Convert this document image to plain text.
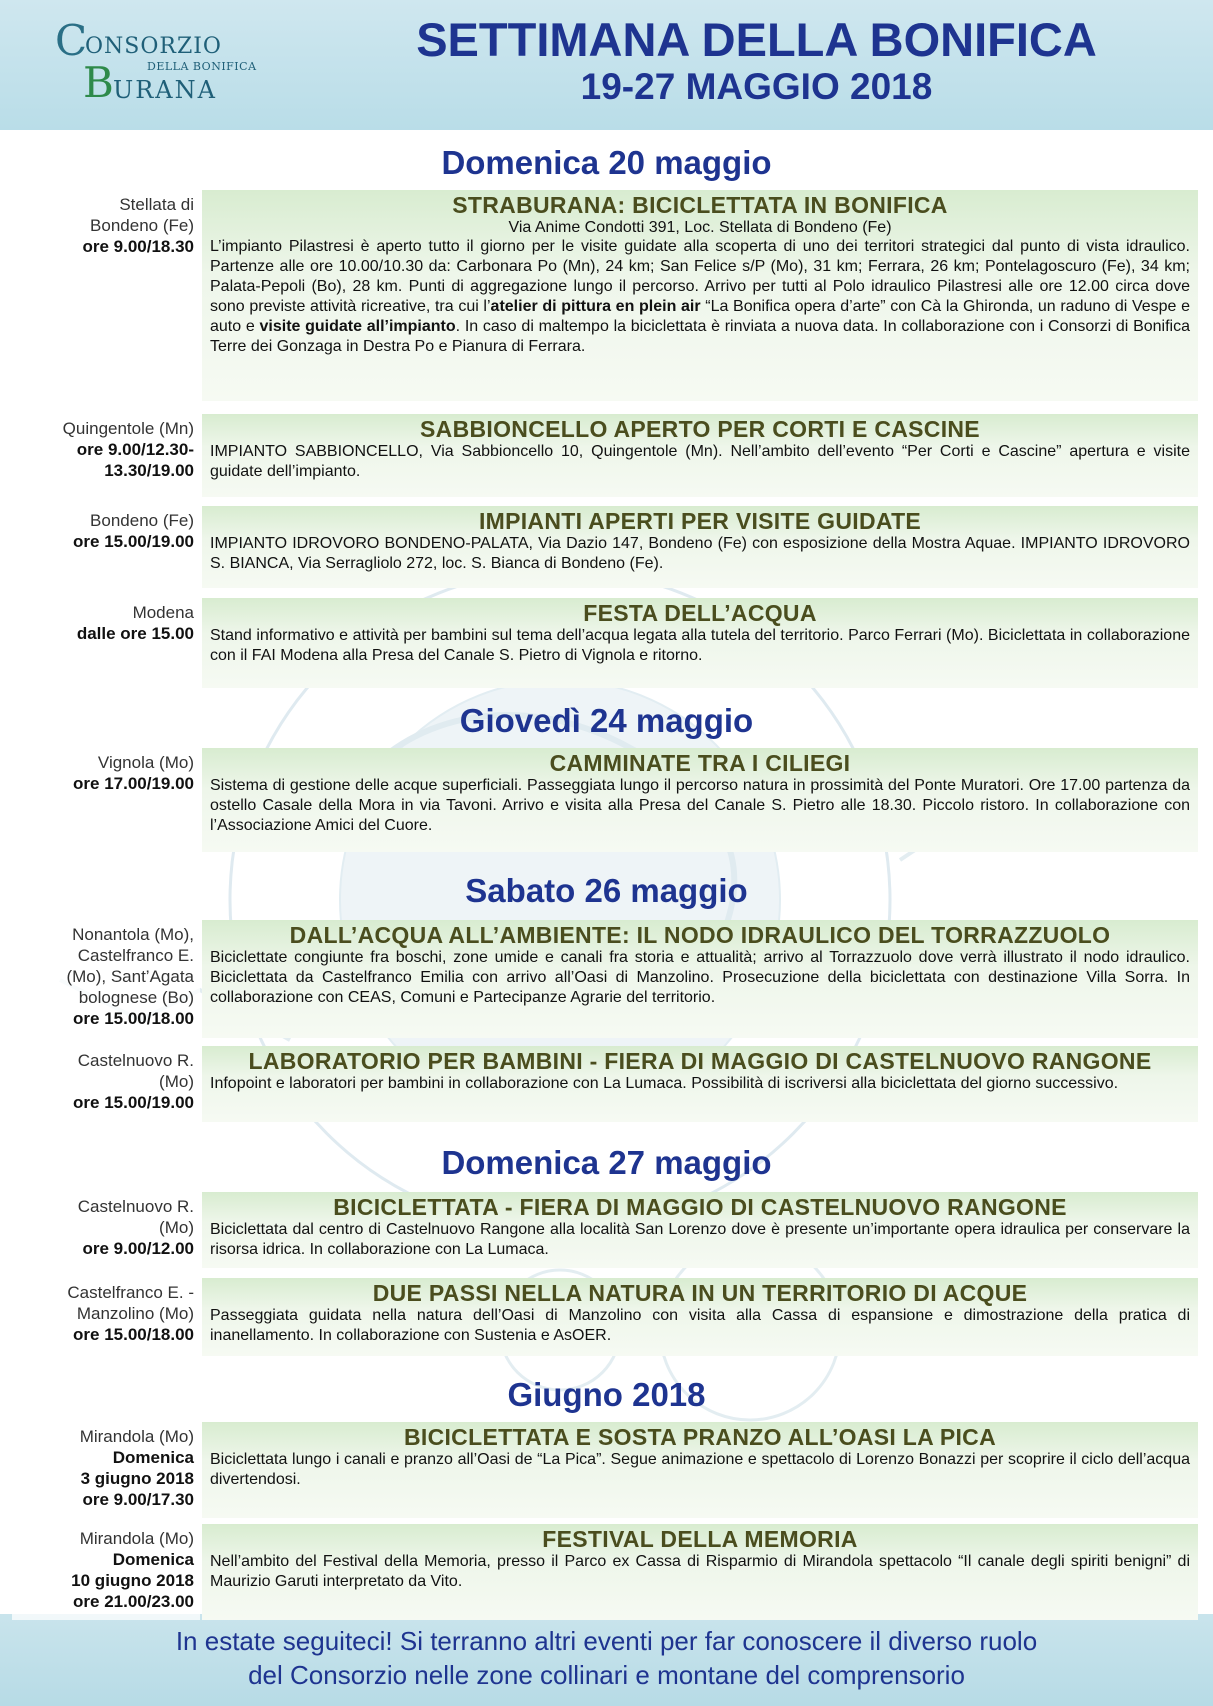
C
ONSORZIO
DELLA BONIFICA
B URANA
SETTIMANA DELLA BONIFICA
19-27 MAGGIO 2018
Domenica 20 maggio
Stellata di
Bondeno (Fe)
ore 9.00/18.30
STRABURANA: BICICLETTATA IN BONIFICA
Via Anime Condotti 391, Loc. Stellata di Bondeno (Fe)
L’impianto Pilastresi è aperto tutto il giorno per le visite guidate alla scoperta di uno dei territori strategici dal punto di vista idraulico. Partenze alle ore 10.00/10.30 da: Carbonara Po (Mn), 24 km; San Felice s/P (Mo), 31 km; Ferrara, 26 km; Pontelagoscuro (Fe), 34 km; Palata-Pepoli (Bo), 28 km. Punti di aggregazione lungo il percorso. Arrivo per tutti al Polo idraulico Pilastresi alle ore 12.00 circa dove sono previste attività ricreative, tra cui l’atelier di pittura en plein air “La Bonifica opera d’arte” con Cà la Ghironda, un raduno di Vespe e auto e visite guidate all’impianto. In caso di maltempo la biciclettata è rinviata a nuova data. In collaborazione con i Consorzi di Bonifica Terre dei Gonzaga in Destra Po e Pianura di Ferrara.
Quingentole (Mn)
ore 9.00/12.30-
13.30/19.00
SABBIONCELLO APERTO PER CORTI E CASCINE
IMPIANTO SABBIONCELLO, Via Sabbioncello 10, Quingentole (Mn). Nell’ambito dell’evento “Per Corti e Cascine” apertura e visite guidate dell’impianto.
Bondeno (Fe)
ore 15.00/19.00
IMPIANTI APERTI PER VISITE GUIDATE
IMPIANTO IDROVORO BONDENO-PALATA, Via Dazio 147, Bondeno (Fe) con esposizione della Mostra Aquae. IMPIANTO IDROVORO S. BIANCA, Via Serragliolo 272, loc. S. Bianca di Bondeno (Fe).
Modena
dalle ore 15.00
FESTA DELL’ACQUA
Stand informativo e attività per bambini sul tema dell’acqua legata alla tutela del territorio. Parco Ferrari (Mo). Biciclettata in collaborazione con il FAI Modena alla Presa del Canale S. Pietro di Vignola e ritorno.
Giovedì 24 maggio
Vignola (Mo)
ore 17.00/19.00
CAMMINATE TRA I CILIEGI
Sistema di gestione delle acque superficiali. Passeggiata lungo il percorso natura in prossimità del Ponte Muratori. Ore 17.00 partenza da ostello Casale della Mora in via Tavoni. Arrivo e visita alla Presa del Canale S. Pietro alle 18.30. Piccolo ristoro. In collaborazione con l’Associazione Amici del Cuore.
Sabato 26 maggio
Nonantola (Mo),
Castelfranco E.
(Mo), Sant’Agata
bolognese (Bo)
ore 15.00/18.00
DALL’ACQUA ALL’AMBIENTE: IL NODO IDRAULICO DEL TORRAZZUOLO
Biciclettate congiunte fra boschi, zone umide e canali fra storia e attualità; arrivo al Torrazzuolo dove verrà illustrato il nodo idraulico. Biciclettata da Castelfranco Emilia con arrivo all’Oasi di Manzolino. Prosecuzione della biciclettata con destinazione Villa Sorra. In collaborazione con CEAS, Comuni e Partecipanze Agrarie del territorio.
Castelnuovo R.
(Mo)
ore 15.00/19.00
LABORATORIO PER BAMBINI - FIERA DI MAGGIO DI CASTELNUOVO RANGONE
Infopoint e laboratori per bambini in collaborazione con La Lumaca. Possibilità di iscriversi alla biciclettata del giorno successivo.
Domenica 27 maggio
Castelnuovo R.
(Mo)
ore 9.00/12.00
BICICLETTATA - FIERA DI MAGGIO DI CASTELNUOVO RANGONE
Biciclettata dal centro di Castelnuovo Rangone alla località San Lorenzo dove è presente un’importante opera idraulica per conservare la risorsa idrica. In collaborazione con La Lumaca.
Castelfranco E. -
Manzolino (Mo)
ore 15.00/18.00
DUE PASSI NELLA NATURA IN UN TERRITORIO DI ACQUE
Passeggiata guidata nella natura dell’Oasi di Manzolino con visita alla Cassa di espansione e dimostrazione della pratica di inanellamento. In collaborazione con Sustenia e AsOER.
Giugno 2018
Mirandola (Mo)
Domenica
3 giugno 2018
ore 9.00/17.30
BICICLETTATA E SOSTA PRANZO ALL’OASI LA PICA
Biciclettata lungo i canali e pranzo all’Oasi de “La Pica”. Segue animazione e spettacolo di Lorenzo Bonazzi per scoprire il ciclo dell’acqua divertendosi.
Mirandola (Mo)
Domenica
10 giugno 2018
ore 21.00/23.00
FESTIVAL DELLA MEMORIA
Nell’ambito del Festival della Memoria, presso il Parco ex Cassa di Risparmio di Mirandola spettacolo “Il canale degli spiriti benigni” di Maurizio Garuti interpretato da Vito.
In estate seguiteci! Si terranno altri eventi per far conoscere il diverso ruolo
del Consorzio nelle zone collinari e montane del comprensorio
